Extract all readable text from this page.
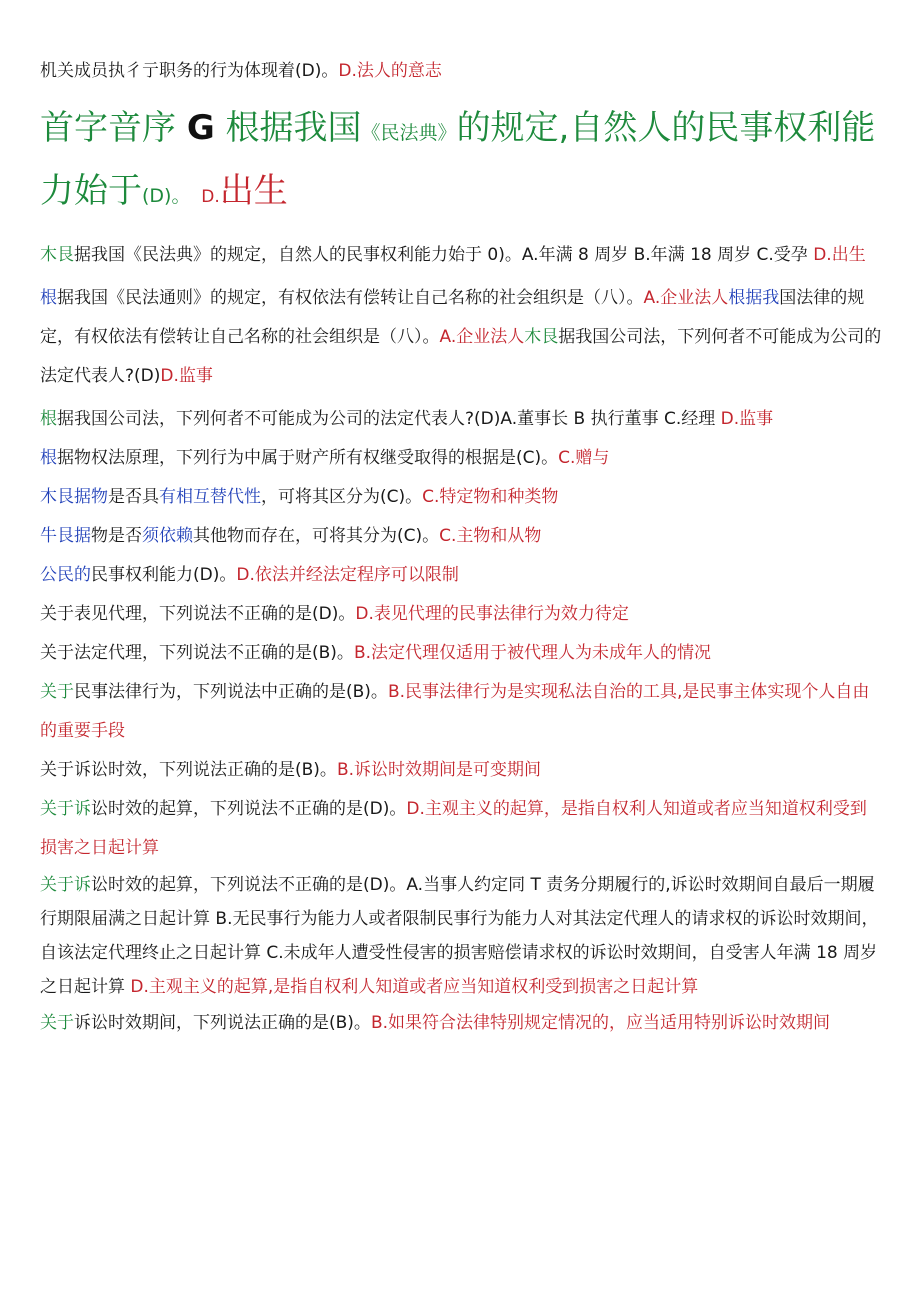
机关成员执彳亍职务的行为体现着(D)。D.法人的意志

首字音序 G 根据我国《民法典》的规定,自然人的民事权利能力始于(D)。 D.出生

木艮据我国《民法典》的规定，自然人的民事权利能力始于 0)。A.年满 8 周岁 B.年满 18 周岁 C.受孕 D.出生

根据我国《民法通则》的规定，有权依法有偿转让自己名称的社会组织是（八）。A.企业法人根据我国法律的规定，有权依法有偿转让自己名称的社会组织是（八）。A.企业法人木艮据我国公司法，下列何者不可能成为公司的法定代表人?(D)D.监事

根据我国公司法，下列何者不可能成为公司的法定代表人?(D)A.董事长 B 执行董事 C.经理 D.监事

根据物权法原理，下列行为中属于财产所有权继受取得的根据是(C)。C.赠与

木艮据物是否具有相互替代性，可将其区分为(C)。C.特定物和种类物

牛艮据物是否须依赖其他物而存在，可将其分为(C)。C.主物和从物

公民的民事权利能力(D)。D.依法并经法定程序可以限制

关于表见代理，下列说法不正确的是(D)。D.表见代理的民事法律行为效力待定

关于法定代理，下列说法不正确的是(B)。B.法定代理仅适用于被代理人为未成年人的情况

关于民事法律行为，下列说法中正确的是(B)。B.民事法律行为是实现私法自治的工具,是民事主体实现个人自由的重要手段

关于诉讼时效，下列说法正确的是(B)。B.诉讼时效期间是可变期间

关于诉讼时效的起算，下列说法不正确的是(D)。D.主观主义的起算，是指自权利人知道或者应当知道权利受到损害之日起计算

关于诉讼时效的起算，下列说法不正确的是(D)。A.当事人约定同 T 责务分期履行的,诉讼时效期间自最后一期履行期限届满之日起计算 B.无民事行为能力人或者限制民事行为能力人对其法定代理人的请求权的诉讼时效期间，自该法定代理终止之日起计算 C.未成年人遭受性侵害的损害赔偿请求权的诉讼时效期间，自受害人年满 18 周岁之日起计算 D.主观主义的起算,是指自权利人知道或者应当知道权利受到损害之日起计算

关于诉讼时效期间，下列说法正确的是(B)。B.如果符合法律特别规定情况的，应当适用特别诉讼时效期间
